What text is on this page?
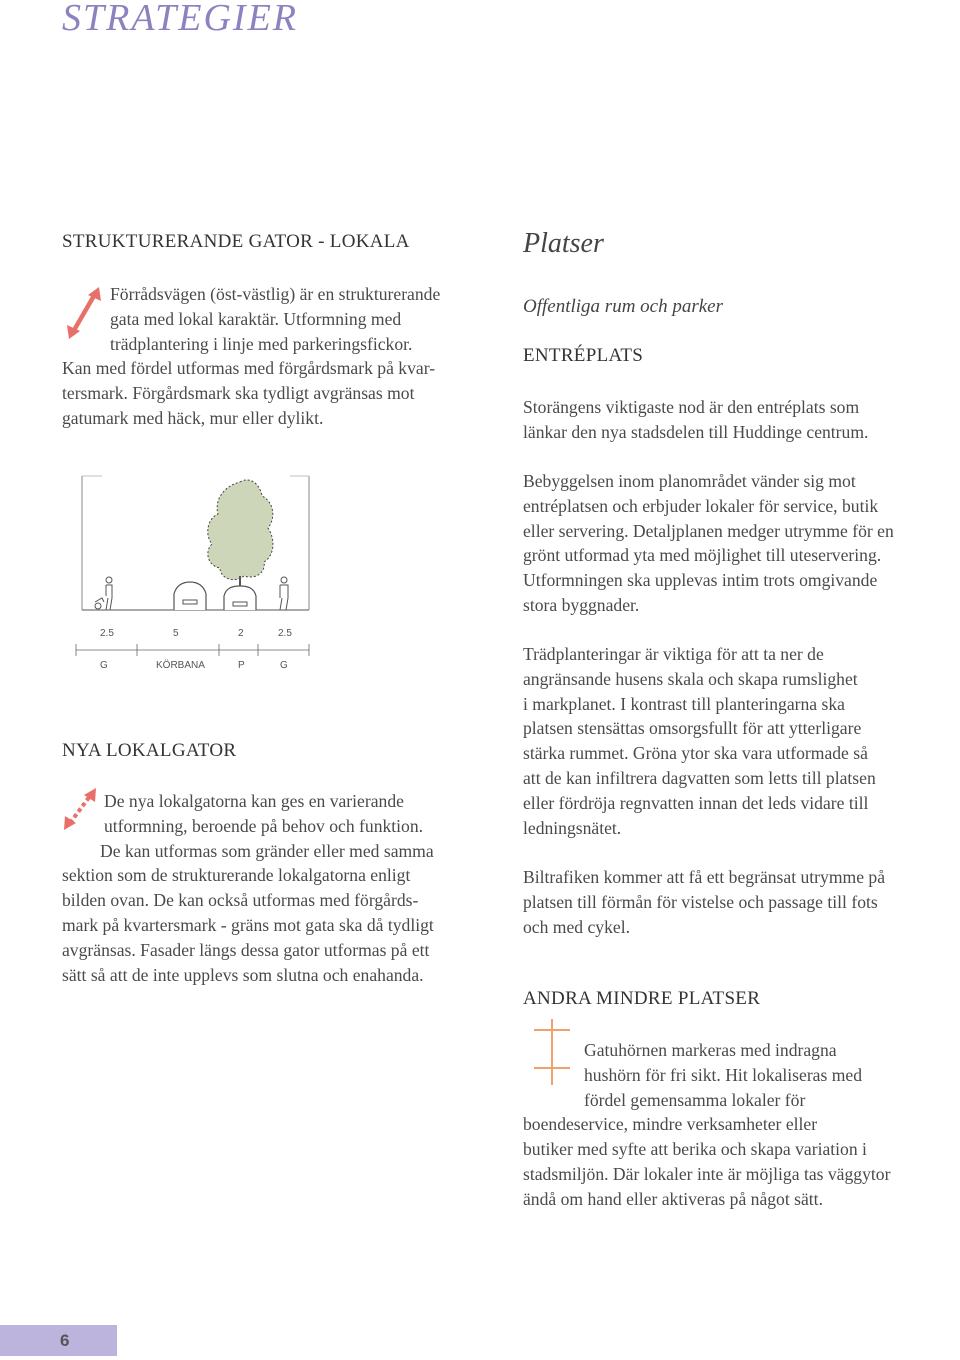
STRATEGIER
STRUKTURERANDE GATOR - LOKALA
Förrådsvägen (öst-västlig) är en strukturerande
gata med lokal karaktär. Utformning med
trädplantering i linje med parkeringsfickor.
Kan med fördel utformas med förgårdsmark på kvar-
tersmark. Förgårdsmark ska tydligt avgränsas mot
gatumark med häck, mur eller dylikt.
2.5	5	2	2.5
G	KÖRBANA	P	G
NYA LOKALGATOR
De nya lokalgatorna kan ges en varierande
utformning, beroende på behov och funktion.
De kan utformas som gränder eller med samma
sektion som de strukturerande lokalgatorna enligt
bilden ovan. De kan också utformas med förgårds-
mark på kvartersmark - gräns mot gata ska då tydligt
avgränsas. Fasader längs dessa gator utformas på ett
sätt så att de inte upplevs som slutna och enahanda.
Platser
Offentliga rum och parker
ENTRÉPLATS
Storängens viktigaste nod är den entréplats som
länkar den nya stadsdelen till Huddinge centrum.
Bebyggelsen inom planområdet vänder sig mot
entréplatsen och erbjuder lokaler för service, butik
eller servering. Detaljplanen medger utrymme för en
grönt utformad yta med möjlighet till uteservering.
Utformningen ska upplevas intim trots omgivande
stora byggnader.
Trädplanteringar är viktiga för att ta ner de
angränsande husens skala och skapa rumslighet
i markplanet. I kontrast till planteringarna ska
platsen stensättas omsorgsfullt för att ytterligare
stärka rummet. Gröna ytor ska vara utformade så
att de kan infiltrera dagvatten som letts till platsen
eller fördröja regnvatten innan det leds vidare till
ledningsnätet.
Biltrafiken kommer att få ett begränsat utrymme på
platsen till förmån för vistelse och passage till fots
och med cykel.
ANDRA MINDRE PLATSER
Gatuhörnen markeras med indragna
hushörn för fri sikt. Hit lokaliseras med
fördel gemensamma lokaler för
boendeservice, mindre verksamheter eller
butiker med syfte att berika och skapa variation i
stadsmiljön. Där lokaler inte är möjliga tas väggytor
ändå om hand eller aktiveras på något sätt.
6
